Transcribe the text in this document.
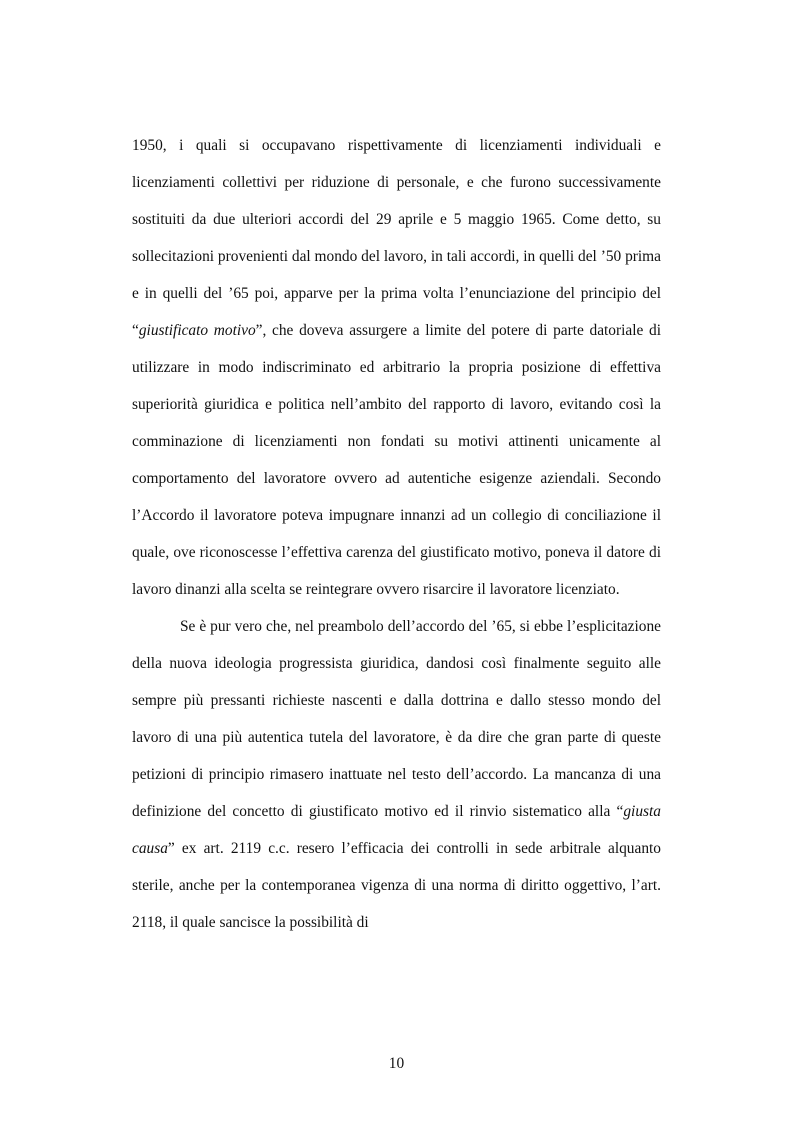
1950, i quali si occupavano rispettivamente di licenziamenti individuali e licenziamenti collettivi per riduzione di personale, e che furono successivamente sostituiti da due ulteriori accordi del 29 aprile e 5 maggio 1965. Come detto, su sollecitazioni provenienti dal mondo del lavoro, in tali accordi, in quelli del ’50 prima e in quelli del ’65 poi, apparve per la prima volta l’enunciazione del principio del “giustificato motivo”, che doveva assurgere a limite del potere di parte datoriale di utilizzare in modo indiscriminato ed arbitrario la propria posizione di effettiva superiorità giuridica e politica nell’ambito del rapporto di lavoro, evitando così la comminazione di licenziamenti non fondati su motivi attinenti unicamente al comportamento del lavoratore ovvero ad autentiche esigenze aziendali. Secondo l’Accordo il lavoratore poteva impugnare innanzi ad un collegio di conciliazione il quale, ove riconoscesse l’effettiva carenza del giustificato motivo, poneva il datore di lavoro dinanzi alla scelta se reintegrare ovvero risarcire il lavoratore licenziato.

Se è pur vero che, nel preambolo dell’accordo del ’65, si ebbe l’esplicitazione della nuova ideologia progressista giuridica, dandosi così finalmente seguito alle sempre più pressanti richieste nascenti e dalla dottrina e dallo stesso mondo del lavoro di una più autentica tutela del lavoratore, è da dire che gran parte di queste petizioni di principio rimasero inattuate nel testo dell’accordo. La mancanza di una definizione del concetto di giustificato motivo ed il rinvio sistematico alla “giusta causa” ex art. 2119 c.c. resero l’efficacia dei controlli in sede arbitrale alquanto sterile, anche per la contemporanea vigenza di una norma di diritto oggettivo, l’art. 2118, il quale sancisce la possibilità di

10
